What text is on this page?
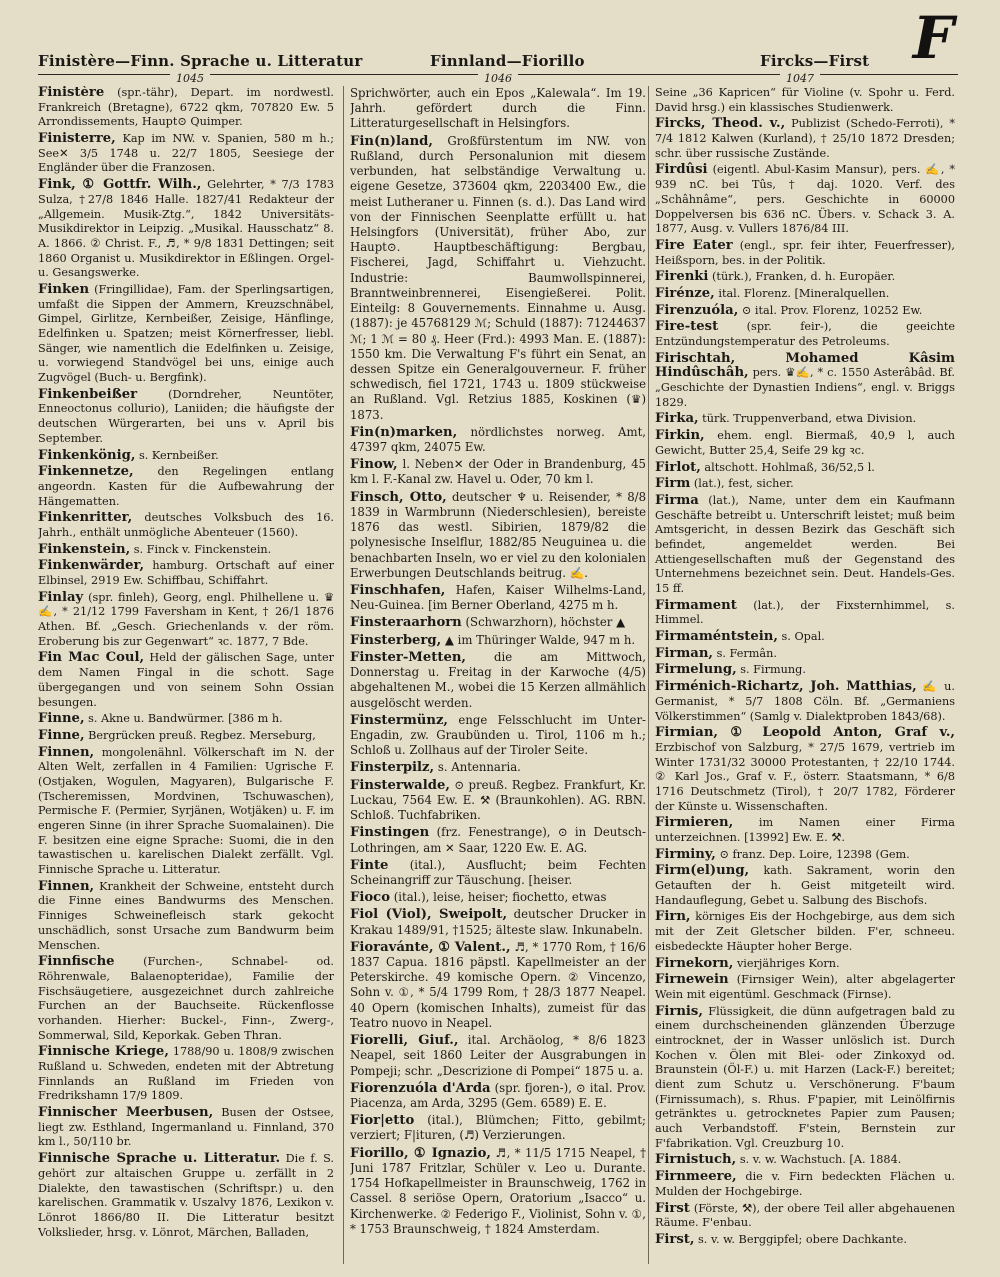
F
Finistère—Finn. Sprache u. Litteratur	Finnland—Fiorillo	Fircks—First
1045	1046	1047
Finistère (spr.-tähr), Depart. im nordwestl. Frankreich (Bretagne), 6722 qkm, 707820 Ew. 5 Arrondissements, Haupt⊙ Quimper.
Finisterre, Kap im NW. v. Spanien, 580 m h.; See✕ 3/5 1748 u. 22/7 1805, Seesiege der Engländer über die Franzosen.
Fink, ① Gottfr. Wilh., Gelehrter, * 7/3 1783 Sulza, †27/8 1846 Halle. 1827/41 Redakteur der „Allgemein. Musik-Ztg.“, 1842 Universitäts-Musikdirektor in Leipzig. „Musikal. Hausschatz“ 8. A. 1866. ② Christ. F., ♬, * 9/8 1831 Dettingen; seit 1860 Organist u. Musikdirektor in Eßlingen. Orgel- u. Gesangswerke.
Finken (Fringillidae), Fam. der Sperlingsartigen, umfaßt die Sippen der Ammern, Kreuzschnäbel, Gimpel, Girlitze, Kernbeißer, Zeisige, Hänflinge, Edelfinken u. Spatzen; meist Körnerfresser, liebl. Sänger, wie namentlich die Edelfinken u. Zeisige, u. vorwiegend Standvögel bei uns, einige auch Zugvögel (Buch- u. Bergfink).
Finkenbeißer	(Dorndreher, Neuntöter, Enneoctonus collurio), Laniiden; die häufigste der deutschen Würgerarten, bei uns v. April bis September.
Finkenkönig, s. Kernbeißer.
Finkennetze, den Regelingen entlang angeordn. Kasten für die Aufbewahrung der Hängematten.
Finkenritter, deutsches Volksbuch des 16. Jahrh., enthält unmögliche Abenteuer (1560).
Finkenstein, s. Finck v. Finckenstein.
Finkenwärder, hamburg. Ortschaft auf einer Elbinsel, 2919 Ew. Schiffbau, Schiffahrt.
Finlay (spr. finleh), Georg, engl. Philhellene u. ♛✍, * 21/12 1799 Faversham in Kent, † 26/1 1876 Athen. Bf. „Gesch. Griechenlands v. der röm. Eroberung bis zur Gegenwart“ ꝛc. 1877, 7 Bde.
Fin Mac Coul, Held der gälischen Sage, unter dem Namen Fingal in die schott. Sage übergegangen und von seinem Sohn Ossian besungen.
Finne, s. Akne u. Bandwürmer. [386 m h.
Finne, Bergrücken preuß. Regbez. Merseburg,
Finnen, mongolenähnl. Völkerschaft im N. der Alten Welt, zerfallen in 4 Familien: Ugrische F. (Ostjaken, Wogulen, Magyaren), Bulgarische F. (Tscheremissen, Mordvinen, Tschuwaschen), Permische F. (Permier, Syrjänen, Wotjäken) u. F. im engeren Sinne (in ihrer Sprache Suomalainen). Die F. besitzen eine eigne Sprache: Suomi, die in den tawastischen u. karelischen Dialekt zerfällt. Vgl. Finnische Sprache u. Litteratur.
Finnen, Krankheit der Schweine, entsteht durch die Finne eines Bandwurms des Menschen. Finniges Schweinefleisch stark gekocht unschädlich, sonst Ursache zum Bandwurm beim Menschen.
Finnfische	(Furchen-, Schnabel- od. Röhrenwale, Balaenopteridae), Familie der Fischsäugetiere, ausgezeichnet durch zahlreiche Furchen an der Bauchseite. Rückenflosse vorhanden. Hierher: Buckel-, Finn-, Zwerg-, Sommerwal, Sild, Keporkak. Geben Thran.
Finnische Kriege, 1788/90 u. 1808/9 zwischen Rußland u. Schweden, endeten mit der Abtretung Finnlands an Rußland im Frieden von Fredrikshamn 17/9 1809.
Finnischer Meerbusen, Busen der Ostsee, liegt zw. Esthland, Ingermanland u. Finnland, 370 km l., 50/110 br.
Finnische Sprache u. Litteratur. Die f. S. gehört zur altaischen Gruppe u. zerfällt in 2 Dialekte, den tawastischen (Schriftspr.) u. den karelischen. Grammatik v. Uszalvy 1876, Lexikon v. Lönrot 1866/80 II. Die Litteratur besitzt Volkslieder, hrsg. v. Lönrot, Märchen, Balladen,
Sprichwörter, auch ein Epos „Kalewala“. Im 19. Jahrh. gefördert durch die Finn. Litteraturgesellschaft in Helsingfors.
Fin(n)land, Großfürstentum im NW. von Rußland, durch Personalunion mit diesem verbunden, hat selbständige Verwaltung u. eigene Gesetze, 373604 qkm, 2203400 Ew., die meist Lutheraner u. Finnen (s. d.). Das Land wird von der Finnischen Seenplatte erfüllt u. hat Helsingfors (Universität), früher Abo, zur Haupt⊙. Hauptbeschäftigung: Bergbau, Fischerei, Jagd, Schiffahrt u. Viehzucht. Industrie: Baumwollspinnerei, Branntweinbrennerei, Eisengießerei. Polit. Einteilg: 8 Gouvernements. Einnahme u. Ausg. (1887): je 45768129 ℳ; Schuld (1887): 71244637 ℳ; 1 ℳ = 80 ₰. Heer (Frd.): 4993 Man. E. (1887): 1550 km. Die Verwaltung F's führt ein Senat, an dessen Spitze ein Generalgouverneur. F. früher schwedisch, fiel 1721, 1743 u. 1809 stückweise an Rußland. Vgl. Retzius 1885, Koskinen (♛) 1873.
Fin(n)marken, nördlichstes norweg. Amt, 47397 qkm, 24075 Ew.
Finow, l. Neben✕ der Oder in Brandenburg, 45 km l. F.-Kanal zw. Havel u. Oder, 70 km l.
Finsch, Otto, deutscher ♆ u. Reisender, * 8/8 1839 in Warmbrunn (Niederschlesien), bereiste 1876 das westl. Sibirien, 1879/82 die polynesische Inselflur, 1882/85 Neuguinea u. die benachbarten Inseln, wo er viel zu den kolonialen Erwerbungen Deutschlands beitrug. ✍.
Finschhafen, Hafen, Kaiser Wilhelms-Land, Neu-Guinea. [im Berner Oberland, 4275 m h.
Finsteraarhorn (Schwarzhorn), höchster ▲
Finsterberg, ▲ im Thüringer Walde, 947 m h.
Finster-Metten, die am Mittwoch, Donnerstag u. Freitag in der Karwoche (4/5) abgehaltenen M., wobei die 15 Kerzen allmählich ausgelöscht werden.
Finstermünz, enge Felsschlucht im Unter-Engadin, zw. Graubünden u. Tirol, 1106 m h.; Schloß u. Zollhaus auf der Tiroler Seite.
Finsterpilz, s. Antennaria.
Finsterwalde, ⊙ preuß. Regbez. Frankfurt, Kr. Luckau, 7564 Ew. E. ⚒ (Braunkohlen). AG. RBN. Schloß. Tuchfabriken.
Finstingen (frz. Fenestrange), ⊙ in Deutsch-Lothringen, am ✕ Saar, 1220 Ew. E. AG.
Finte (ital.), Ausflucht; beim Fechten Scheinangriff zur Täuschung. [heiser.
Fioco (ital.), leise, heiser; fiochetto, etwas
Fiol (Viol), Sweipolt, deutscher Drucker in Krakau 1489/91, †1525; älteste slaw. Inkunabeln.
Fioravánte, ① Valent., ♬, * 1770 Rom, † 16/6 1837 Capua. 1816 päpstl. Kapellmeister an der Peterskirche. 49 komische Opern. ② Vincenzo, Sohn v. ①, * 5/4 1799 Rom, † 28/3 1877 Neapel. 40 Opern (komischen Inhalts), zumeist für das Teatro nuovo in Neapel.
Fiorelli, Giuf., ital. Archäolog, * 8/6 1823 Neapel, seit 1860 Leiter der Ausgrabungen in Pompeji; schr. „Descrizione di Pompei“ 1875 u. a.
Fiorenzuóla d'Arda (spr. fjoren-), ⊙ ital. Prov. Piacenza, am Arda, 3295 (Gem. 6589) E. E.
Fior|etto (ital.), Blümchen; Fitto, gebilmt; verziert; F|ituren, (♬) Verzierungen.
Fiorillo, ① Ignazio, ♬, * 11/5 1715 Neapel, † Juni 1787 Fritzlar, Schüler v. Leo u. Durante. 1754 Hofkapellmeister in Braunschweig, 1762 in Cassel. 8 seriöse Opern, Oratorium „Isacco“ u. Kirchenwerke. ② Federigo F., Violinist, Sohn v. ①, * 1753 Braunschweig, † 1824 Amsterdam.
Seine „36 Kapricen“ für Violine (v. Spohr u. Ferd. David hrsg.) ein klassisches Studienwerk.
Fircks, Theod. v., Publizist (Schedo-Ferroti), * 7/4 1812 Kalwen (Kurland), † 25/10 1872 Dresden; schr. über russische Zustände.
Firdûsi (eigentl. Abul-Kasim Mansur), pers. ✍, * 939 nC. bei Tûs, † daj. 1020. Verf. des „Schâhnâme“, pers. Geschichte in 60000 Doppelversen bis 636 nC. Übers. v. Schack 3. A. 1877, Ausg. v. Vullers 1876/84 III.
Fire Eater (engl., spr. feir ihter, Feuerfresser), Heißsporn, bes. in der Politik.
Firenki (türk.), Franken, d. h. Europäer.
Firénze, ital. Florenz. [Mineralquellen.
Firenzuóla, ⊙ ital. Prov. Florenz, 10252 Ew.
Fire-test	(spr. feir-), die geeichte Entzündungstemperatur des Petroleums.
Firischtah, Mohamed Kâsim Hindûschâh, pers. ♛✍, * c. 1550 Asterâbâd. Bf. „Geschichte der Dynastien Indiens“, engl. v. Briggs 1829.
Firka, türk. Truppenverband, etwa Division.
Firkin, ehem. engl. Biermaß, 40,9 l, auch Gewicht, Butter 25,4, Seife 29 kg ꝛc.
Firlot, altschott. Hohlmaß, 36/52,5 l.
Firm (lat.), fest, sicher.
Firma (lat.), Name, unter dem ein Kaufmann Geschäfte betreibt u. Unterschrift leistet; muß beim Amtsgericht, in dessen Bezirk das Geschäft sich befindet, angemeldet werden. Bei Attiengesellschaften muß der Gegenstand des Unternehmens bezeichnet sein. Deut. Handels-Ges. 15 ff.
Firmament (lat.), der Fixsternhimmel, s. Himmel.
Firmaméntstein, s. Opal.
Firman, s. Fermân.
Firmelung, s. Firmung.
Firménich-Richartz, Joh. Matthias, ✍ u. Germanist, * 5/7 1808 Cöln. Bf. „Germaniens Völkerstimmen“ (Samlg v. Dialektproben 1843/68).
Firmian, ① Leopold Anton, Graf v., Erzbischof von Salzburg, * 27/5 1679, vertrieb im Winter 1731/32 30000 Protestanten, † 22/10 1744. ② Karl Jos., Graf v. F., österr. Staatsmann, * 6/8 1716 Deutschmetz (Tirol), † 20/7 1782, Förderer der Künste u. Wissenschaften.
Firmieren, im Namen einer Firma unterzeichnen. [13992] Ew. E. ⚒.
Firminy, ⊙ franz. Dep. Loire, 12398 (Gem.
Firm(el)ung, kath. Sakrament, worin den Getauften der h. Geist mitgeteilt wird. Handauflegung, Gebet u. Salbung des Bischofs.
Firn, körniges Eis der Hochgebirge, aus dem sich mit der Zeit Gletscher bilden. F'er, schneeu. eisbedeckte Häupter hoher Berge.
Firnekorn, vierjähriges Korn.
Firnewein (Firnsiger Wein), alter abgelagerter Wein mit eigentüml. Geschmack (Firnse).
Firnis, Flüssigkeit, die dünn aufgetragen bald zu einem durchscheinenden glänzenden Überzuge eintrocknet, der in Wasser unlöslich ist. Durch Kochen v. Ölen mit Blei- oder Zinkoxyd od. Braunstein (Öl-F.) u. mit Harzen (Lack-F.) bereitet; dient zum Schutz u. Verschönerung. F'baum (Firnissumach), s. Rhus. F'papier, mit Leinölfirnis getränktes u. getrocknetes Papier zum Pausen; auch Verbandstoff. F'stein, Bernstein zur F'fabrikation. Vgl. Creuzburg 10.
Firnistuch, s. v. w. Wachstuch. [A. 1884.
Firnmeere, die v. Firn bedeckten Flächen u. Mulden der Hochgebirge.
First (Förste, ⚒), der obere Teil aller abgehauenen Räume. F'enbau.
First, s. v. w. Berggipfel; obere Dachkante.
